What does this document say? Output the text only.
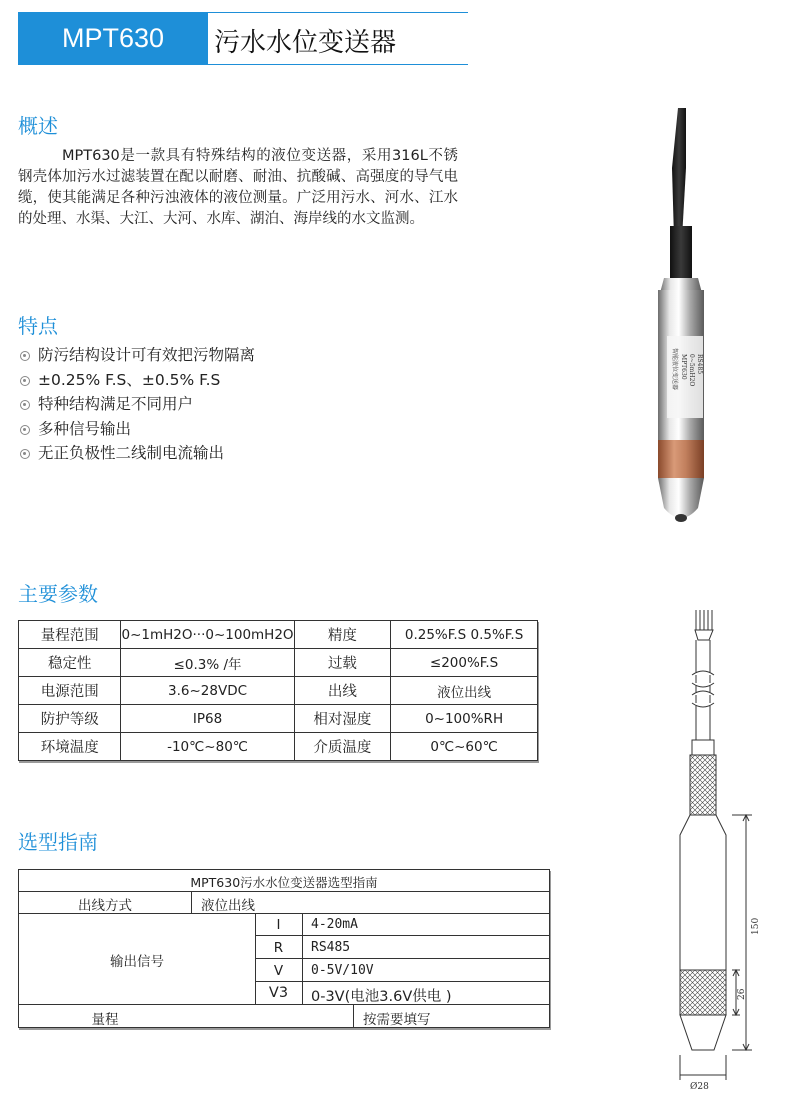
MPT630	污水水位变送器
概述

MPT630是一款具有特殊结构的液位变送器，采用316L不锈钢壳体加污水过滤装置在配以耐磨、耐油、抗酸碱、高强度的导气电缆，使其能满足各种污浊液体的液位测量。广泛用污水、河水、江水的处理、水渠、大江、大河、水库、湖泊、海岸线的水文监测。

特点
防污结构设计可有效把污物隔离
±0.25% F.S、±0.5% F.S
特种结构满足不同用户
多种信号输出
无正负极性二线制电流输出
智能液位变送器 MPT630 0~5mH2O RS485
主要参数
量程范围	0~1mH2O···0~100mH2O	精度	0.25%F.S 0.5%F.S
稳定性	≤0.3% /年	过载	≤200%F.S
电源范围	3.6~28VDC	出线	液位出线
防护等级	IP68	相对湿度	0~100%RH
环境温度	-10℃~80℃	介质温度	0℃~60℃
选型指南
MPT630污水水位变送器选型指南
出线方式	液位出线
输出信号
I	4-20mA
R	RS485
V	0-5V/10V
V3	0-3V(电池3.6V供电 )
量程	按需要填写
150
26
Ø28
